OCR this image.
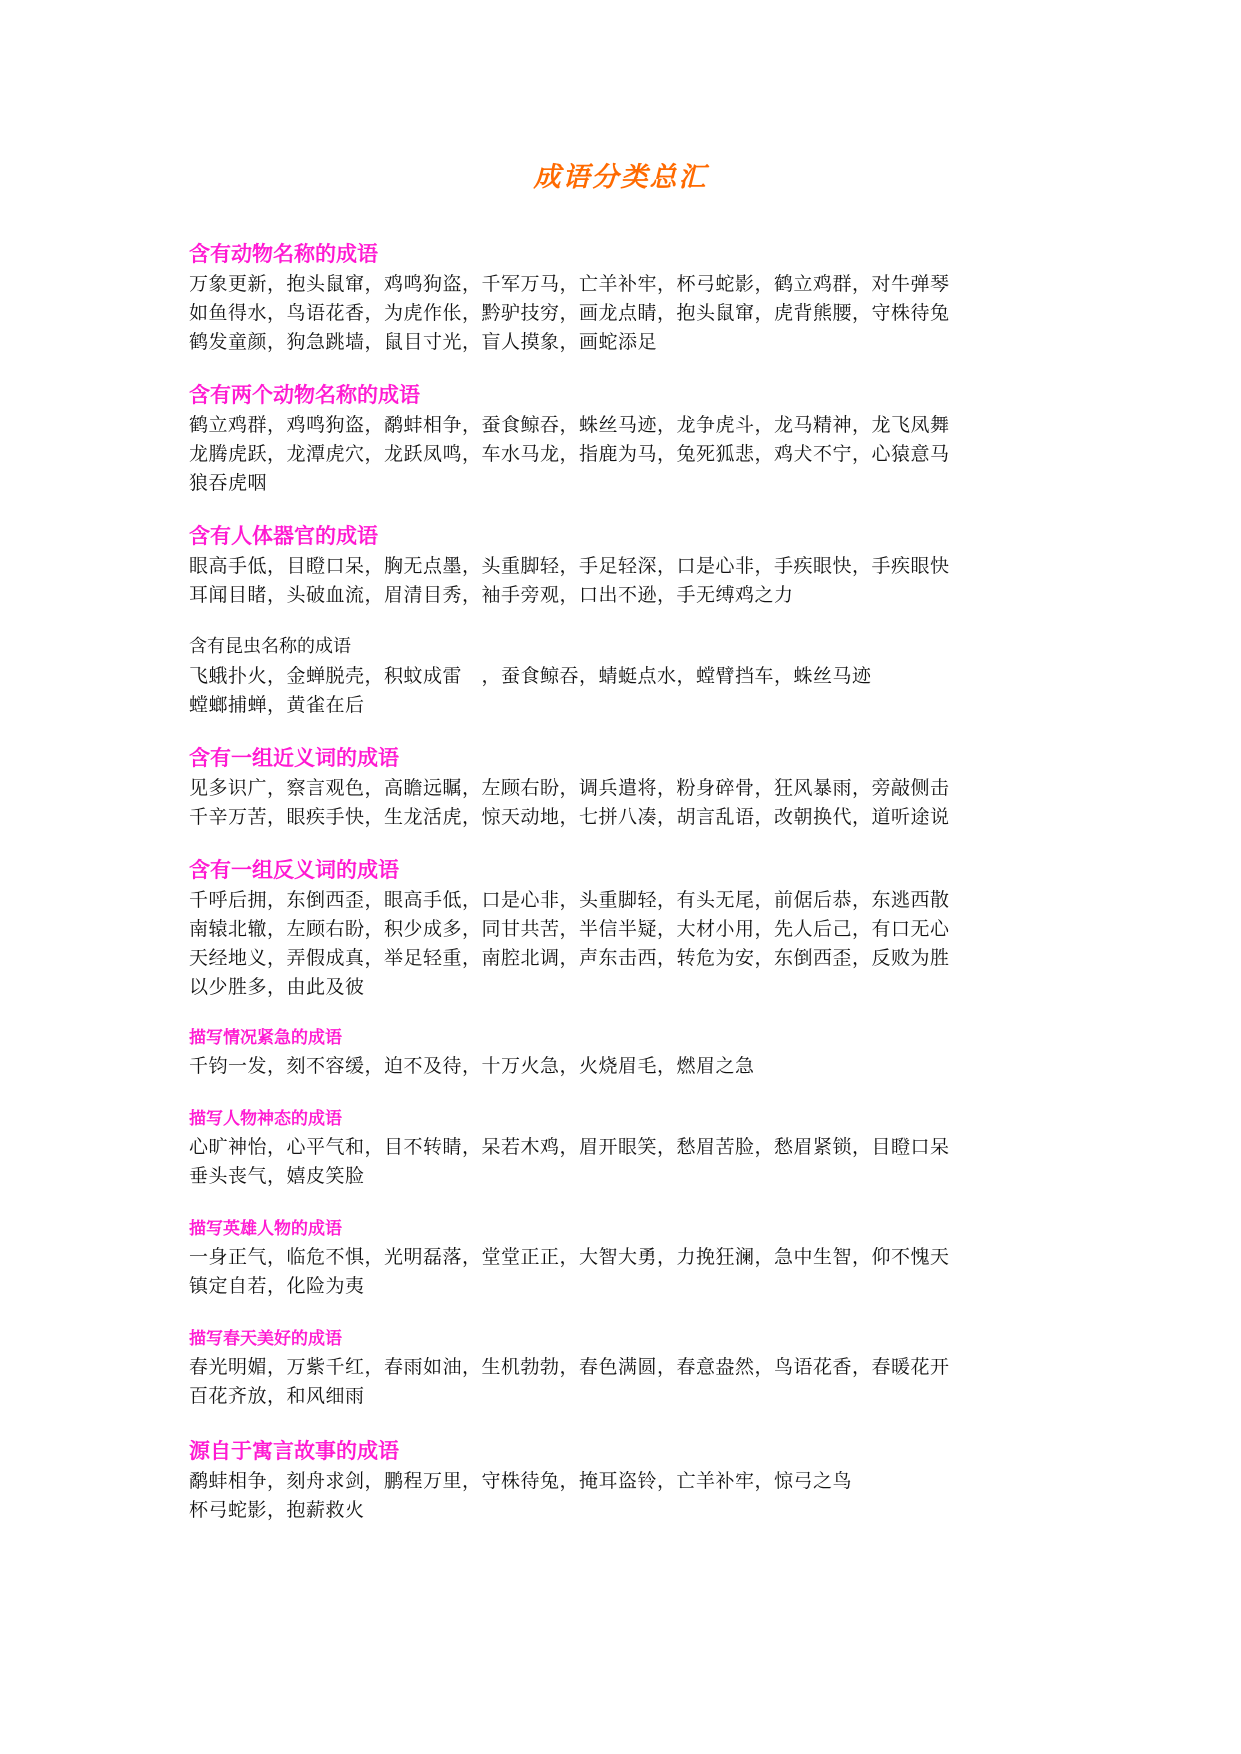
成语分类总汇
含有动物名称的成语
万象更新，抱头鼠窜，鸡鸣狗盗，千军万马，亡羊补牢，杯弓蛇影，鹤立鸡群，对牛弹琴
如鱼得水，鸟语花香，为虎作伥，黔驴技穷，画龙点睛，抱头鼠窜，虎背熊腰，守株待兔
鹤发童颜，狗急跳墙，鼠目寸光，盲人摸象，画蛇添足
含有两个动物名称的成语
鹤立鸡群，鸡鸣狗盗，鹬蚌相争，蚕食鲸吞，蛛丝马迹，龙争虎斗，龙马精神，龙飞凤舞
龙腾虎跃，龙潭虎穴，龙跃凤鸣，车水马龙，指鹿为马，兔死狐悲，鸡犬不宁，心猿意马
狼吞虎咽
含有人体器官的成语
眼高手低，目瞪口呆，胸无点墨，头重脚轻，手足轻深，口是心非，手疾眼快，手疾眼快
耳闻目睹，头破血流，眉清目秀，袖手旁观，口出不逊，手无缚鸡之力
含有昆虫名称的成语
飞蛾扑火，金蝉脱壳，积蚊成雷　，蚕食鲸吞，蜻蜓点水，螳臂挡车，蛛丝马迹
螳螂捕蝉，黄雀在后
含有一组近义词的成语
见多识广，察言观色，高瞻远瞩，左顾右盼，调兵遣将，粉身碎骨，狂风暴雨，旁敲侧击
千辛万苦，眼疾手快，生龙活虎，惊天动地，七拼八凑，胡言乱语，改朝换代，道听途说
含有一组反义词的成语
千呼后拥，东倒西歪，眼高手低，口是心非，头重脚轻，有头无尾，前倨后恭，东逃西散
南辕北辙，左顾右盼，积少成多，同甘共苦，半信半疑，大材小用，先人后己，有口无心
天经地义，弄假成真，举足轻重，南腔北调，声东击西，转危为安，东倒西歪，反败为胜
以少胜多，由此及彼
描写情况紧急的成语
千钧一发，刻不容缓，迫不及待，十万火急，火烧眉毛，燃眉之急
描写人物神态的成语
心旷神怡，心平气和，目不转睛，呆若木鸡，眉开眼笑，愁眉苦脸，愁眉紧锁，目瞪口呆
垂头丧气，嬉皮笑脸
描写英雄人物的成语
一身正气，临危不惧，光明磊落，堂堂正正，大智大勇，力挽狂澜，急中生智，仰不愧天
镇定自若，化险为夷
描写春天美好的成语
春光明媚，万紫千红，春雨如油，生机勃勃，春色满圆，春意盎然，鸟语花香，春暖花开
百花齐放，和风细雨
源自于寓言故事的成语
鹬蚌相争，刻舟求剑，鹏程万里，守株待兔，掩耳盗铃，亡羊补牢，惊弓之鸟
杯弓蛇影，抱薪救火
